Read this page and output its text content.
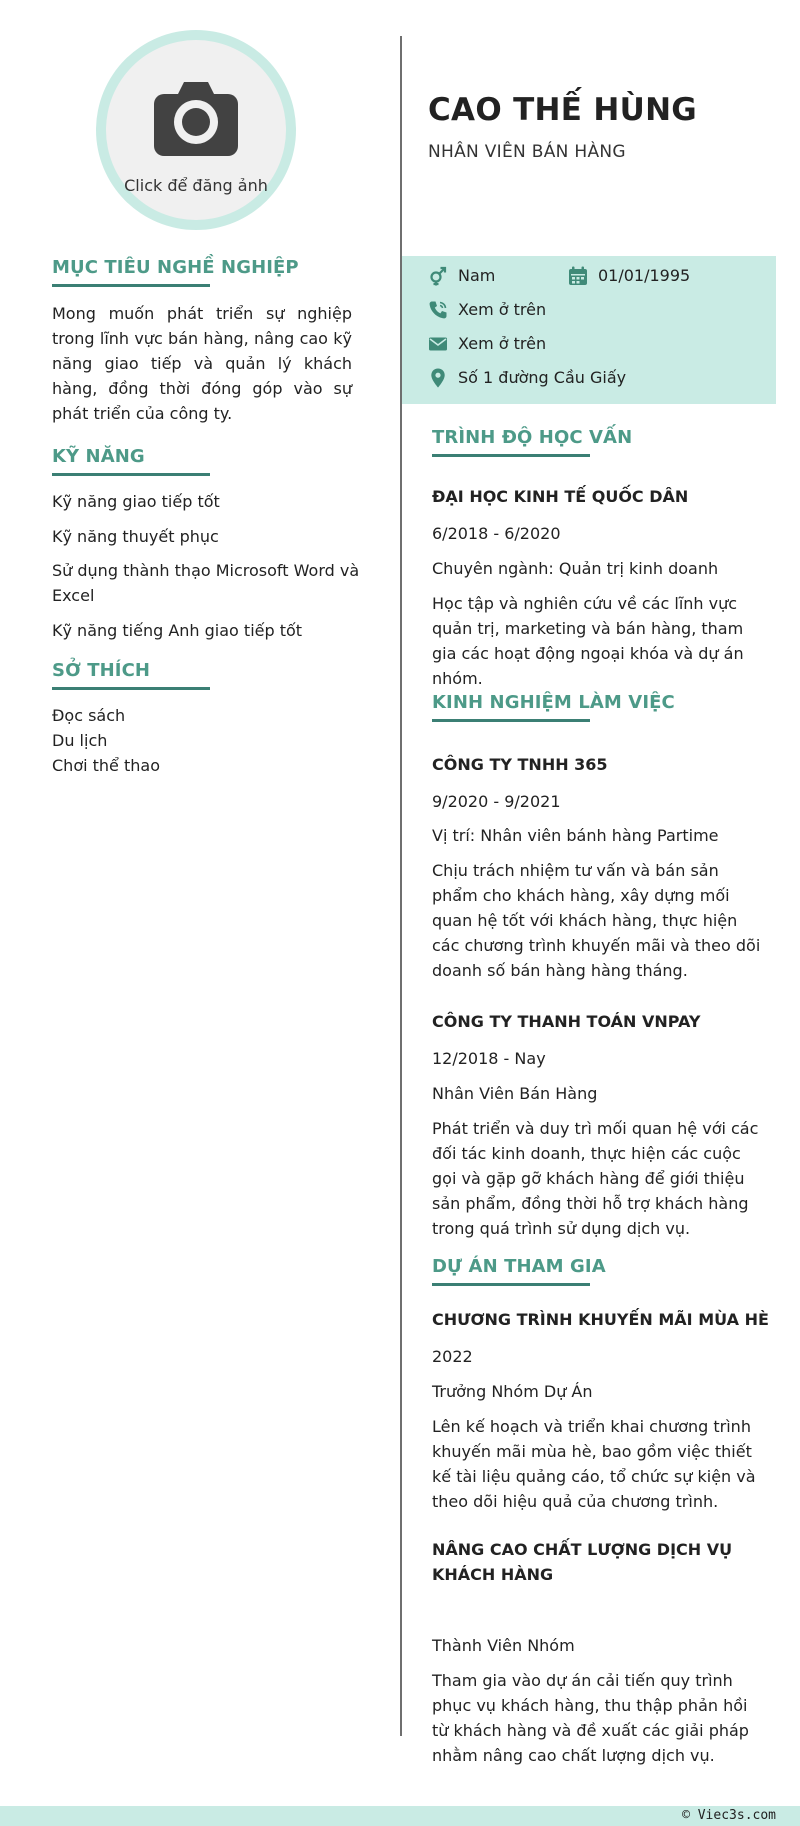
Click để đăng ảnh
CAO THẾ HÙNG
NHÂN VIÊN BÁN HÀNG
Nam	01/01/1995
Xem ở trên
Xem ở trên
Số 1 đường Cầu Giấy
MỤC TIÊU NGHỀ NGHIỆP
Mong muốn phát triển sự nghiệp trong lĩnh vực bán hàng, nâng cao kỹ năng giao tiếp và quản lý khách hàng, đồng thời đóng góp vào sự phát triển của công ty.
KỸ NĂNG
Kỹ năng giao tiếp tốt
Kỹ năng thuyết phục
Sử dụng thành thạo Microsoft Word và Excel
Kỹ năng tiếng Anh giao tiếp tốt
SỞ THÍCH
Đọc sách
Du lịch
Chơi thể thao
TRÌNH ĐỘ HỌC VẤN
ĐẠI HỌC KINH TẾ QUỐC DÂN
6/2018 - 6/2020
Chuyên ngành: Quản trị kinh doanh
Học tập và nghiên cứu về các lĩnh vực quản trị, marketing và bán hàng, tham gia các hoạt động ngoại khóa và dự án nhóm.
KINH NGHIỆM LÀM VIỆC
CÔNG TY TNHH 365
9/2020 - 9/2021
Vị trí: Nhân viên bánh hàng Partime
Chịu trách nhiệm tư vấn và bán sản phẩm cho khách hàng, xây dựng mối quan hệ tốt với khách hàng, thực hiện các chương trình khuyến mãi và theo dõi doanh số bán hàng hàng tháng.
CÔNG TY THANH TOÁN VNPAY
12/2018 - Nay
Nhân Viên Bán Hàng
Phát triển và duy trì mối quan hệ với các đối tác kinh doanh, thực hiện các cuộc gọi và gặp gỡ khách hàng để giới thiệu sản phẩm, đồng thời hỗ trợ khách hàng trong quá trình sử dụng dịch vụ.
DỰ ÁN THAM GIA
CHƯƠNG TRÌNH KHUYẾN MÃI MÙA HÈ
2022
Trưởng Nhóm Dự Án
Lên kế hoạch và triển khai chương trình khuyến mãi mùa hè, bao gồm việc thiết kế tài liệu quảng cáo, tổ chức sự kiện và theo dõi hiệu quả của chương trình.
NÂNG CAO CHẤT LƯỢNG DỊCH VỤ KHÁCH HÀNG
Thành Viên Nhóm
Tham gia vào dự án cải tiến quy trình phục vụ khách hàng, thu thập phản hồi từ khách hàng và đề xuất các giải pháp nhằm nâng cao chất lượng dịch vụ.
© Viec3s.com
